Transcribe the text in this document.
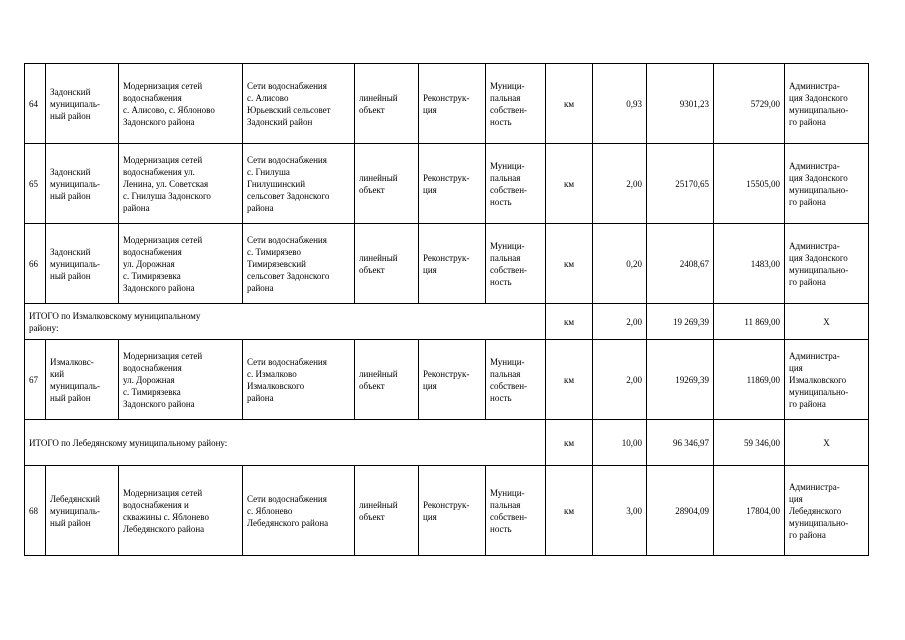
64	Задонский
муниципаль-
ный район	Модернизация сетей
водоснабжения
с. Алисово, с. Яблоново
Задонского района	Сети водоснабжения
с. Алисово
Юрьевский сельсовет
Задонский район	линейный
объект	Реконструк-
ция	Муници-
пальная
собствен-
ность	км	0,93	9301,23	5729,00	Администра-
ция Задонского
муниципально-
го района
65	Задонский
муниципаль-
ный район	Модернизация сетей
водоснабжения ул.
Ленина, ул. Советская
с. Гнилуша Задонского
района	Сети водоснабжения
с. Гнилуша
Гнилушинский
сельсовет Задонского
района	линейный
объект	Реконструк-
ция	Муници-
пальная
собствен-
ность	км	2,00	25170,65	15505,00	Администра-
ция Задонского
муниципально-
го района
66	Задонский
муниципаль-
ный район	Модернизация сетей
водоснабжения
ул. Дорожная
с. Тимирязевка
Задонского района	Сети водоснабжения
с. Тимирязево
Тимирязевский
сельсовет Задонского
района	линейный
объект	Реконструк-
ция	Муници-
пальная
собствен-
ность	км	0,20	2408,67	1483,00	Администра-
ция Задонского
муниципально-
го района
ИТОГО по Измалковскому муниципальному
району:							км	2,00	19 269,39	11 869,00	Х
67	Измалковс-
кий
муниципаль-
ный район	Модернизация сетей
водоснабжения
ул. Дорожная
с. Тимирязевка
Задонского района	Сети водоснабжения
с. Измалково
Измалковского
района	линейный
объект	Реконструк-
ция	Муници-
пальная
собствен-
ность	км	2,00	19269,39	11869,00	Администра-
ция
Измалковского
муниципально-
го района
ИТОГО по Лебедянскому муниципальному району:							км	10,00	96 346,97	59 346,00	Х
68	Лебедянский
муниципаль-
ный район	Модернизация сетей
водоснабжения и
скважины с. Яблонево
Лебедянского района	Сети водоснабжения
с. Яблонево
Лебедянского района	линейный
объект	Реконструк-
ция	Муници-
пальная
собствен-
ность	км	3,00	28904,09	17804,00	Администра-
ция
Лебедянского
муниципально-
го района
